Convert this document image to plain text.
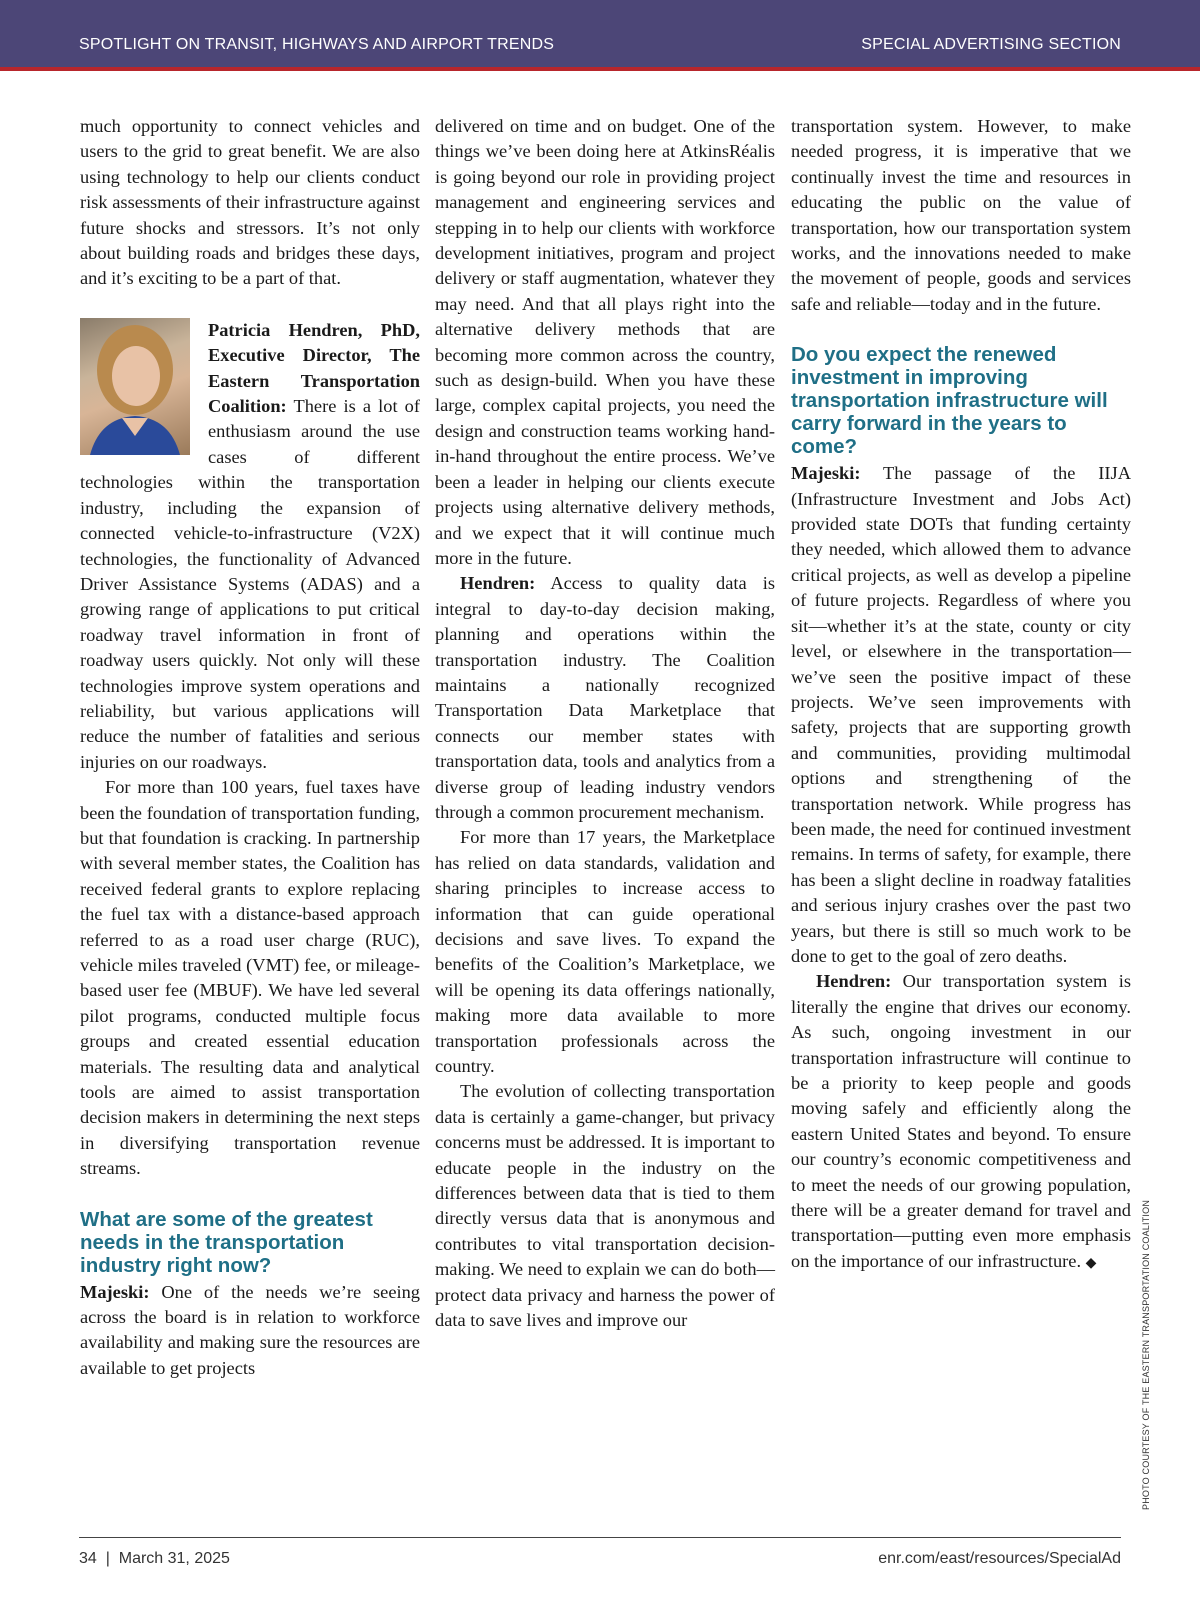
SPOTLIGHT ON TRANSIT, HIGHWAYS AND AIRPORT TRENDS	SPECIAL ADVERTISING SECTION

much opportunity to connect vehicles and users to the grid to great benefit. We are also using technology to help our clients conduct risk assessments of their infrastructure against future shocks and stressors. It’s not only about building roads and bridges these days, and it’s exciting to be a part of that.

Patricia Hendren, PhD, Executive Director, The Eastern Transportation Coalition: There is a lot of enthusiasm around the use cases of different technologies within the transportation industry, including the expansion of connected vehicle-to-infrastructure (V2X) technologies, the functionality of Advanced Driver Assistance Systems (ADAS) and a growing range of applications to put critical roadway travel information in front of roadway users quickly. Not only will these technologies improve system operations and reliability, but various applications will reduce the number of fatalities and serious injuries on our roadways.

For more than 100 years, fuel taxes have been the foundation of transportation funding, but that foundation is cracking. In partnership with several member states, the Coalition has received federal grants to explore replacing the fuel tax with a distance-based approach referred to as a road user charge (RUC), vehicle miles traveled (VMT) fee, or mileage-based user fee (MBUF). We have led several pilot programs, conducted multiple focus groups and created essential education materials. The resulting data and analytical tools are aimed to assist transportation decision makers in determining the next steps in diversifying transportation revenue streams.

What are some of the greatest needs in the transportation industry right now?

Majeski: One of the needs we’re seeing across the board is in relation to workforce availability and making sure the resources are available to get projects

delivered on time and on budget. One of the things we’ve been doing here at AtkinsRéalis is going beyond our role in providing project management and engineering services and stepping in to help our clients with workforce development initiatives, program and project delivery or staff augmentation, whatever they may need. And that all plays right into the alternative delivery methods that are becoming more common across the country, such as design-build. When you have these large, complex capital projects, you need the design and construction teams working hand-in-hand throughout the entire process. We’ve been a leader in helping our clients execute projects using alternative delivery methods, and we expect that it will continue much more in the future.

Hendren: Access to quality data is integral to day-to-day decision making, planning and operations within the transportation industry. The Coalition maintains a nationally recognized Transportation Data Marketplace that connects our member states with transportation data, tools and analytics from a diverse group of leading industry vendors through a common procurement mechanism.

For more than 17 years, the Marketplace has relied on data standards, validation and sharing principles to increase access to information that can guide operational decisions and save lives. To expand the benefits of the Coalition’s Marketplace, we will be opening its data offerings nationally, making more data available to more transportation professionals across the country.

The evolution of collecting transportation data is certainly a game-changer, but privacy concerns must be addressed. It is important to educate people in the industry on the differences between data that is tied to them directly versus data that is anonymous and contributes to vital transportation decision-making. We need to explain we can do both—protect data privacy and harness the power of data to save lives and improve our

transportation system. However, to make needed progress, it is imperative that we continually invest the time and resources in educating the public on the value of transportation, how our transportation system works, and the innovations needed to make the movement of people, goods and services safe and reliable—today and in the future.

Do you expect the renewed investment in improving transportation infrastructure will carry forward in the years to come?

Majeski: The passage of the IIJA (Infrastructure Investment and Jobs Act) provided state DOTs that funding certainty they needed, which allowed them to advance critical projects, as well as develop a pipeline of future projects. Regardless of where you sit—whether it’s at the state, county or city level, or elsewhere in the transportation—we’ve seen the positive impact of these projects. We’ve seen improvements with safety, projects that are supporting growth and communities, providing multimodal options and strengthening of the transportation network. While progress has been made, the need for continued investment remains. In terms of safety, for example, there has been a slight decline in roadway fatalities and serious injury crashes over the past two years, but there is still so much work to be done to get to the goal of zero deaths.

Hendren: Our transportation system is literally the engine that drives our economy. As such, ongoing investment in our transportation infrastructure will continue to be a priority to keep people and goods moving safely and efficiently along the eastern United States and beyond. To ensure our country’s economic competitiveness and to meet the needs of our growing population, there will be a greater demand for travel and transportation—putting even more emphasis on the importance of our infrastructure. ◆	PHOTO COURTESY OF THE EASTERN TRANSPORTATION COALITION
34  |  March 31, 2025	enr.com/east/resources/SpecialAd
